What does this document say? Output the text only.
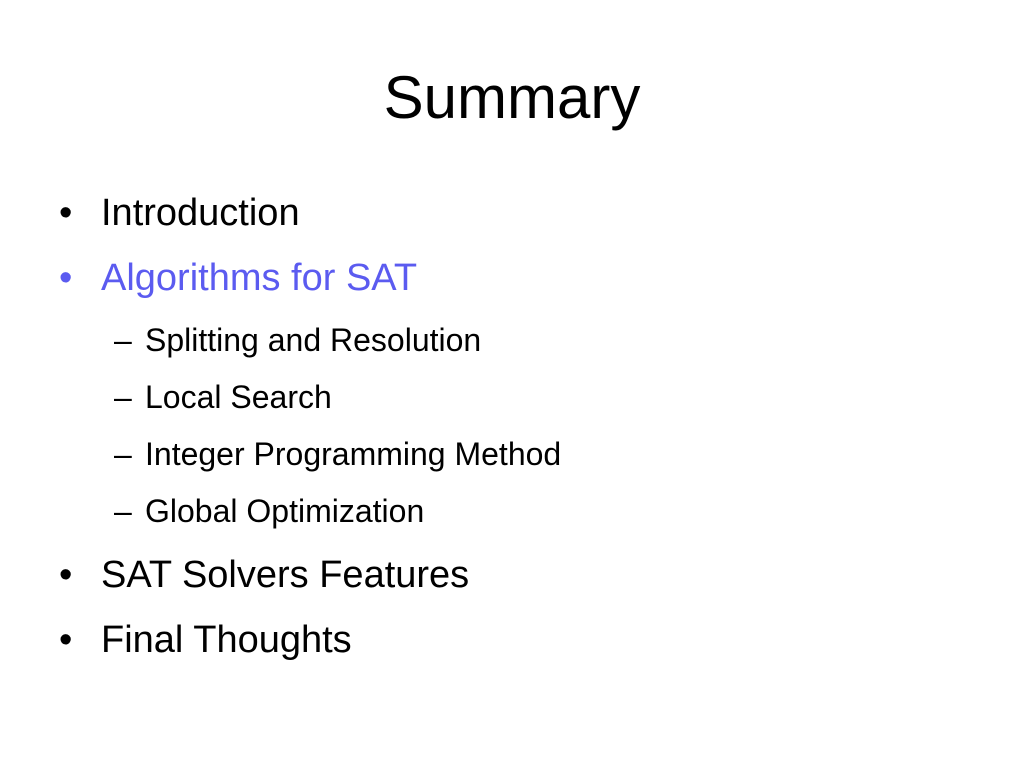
Summary
• Introduction
• Algorithms for SAT
– Splitting and Resolution
– Local Search
– Integer Programming Method
– Global Optimization
• SAT Solvers Features
• Final Thoughts
